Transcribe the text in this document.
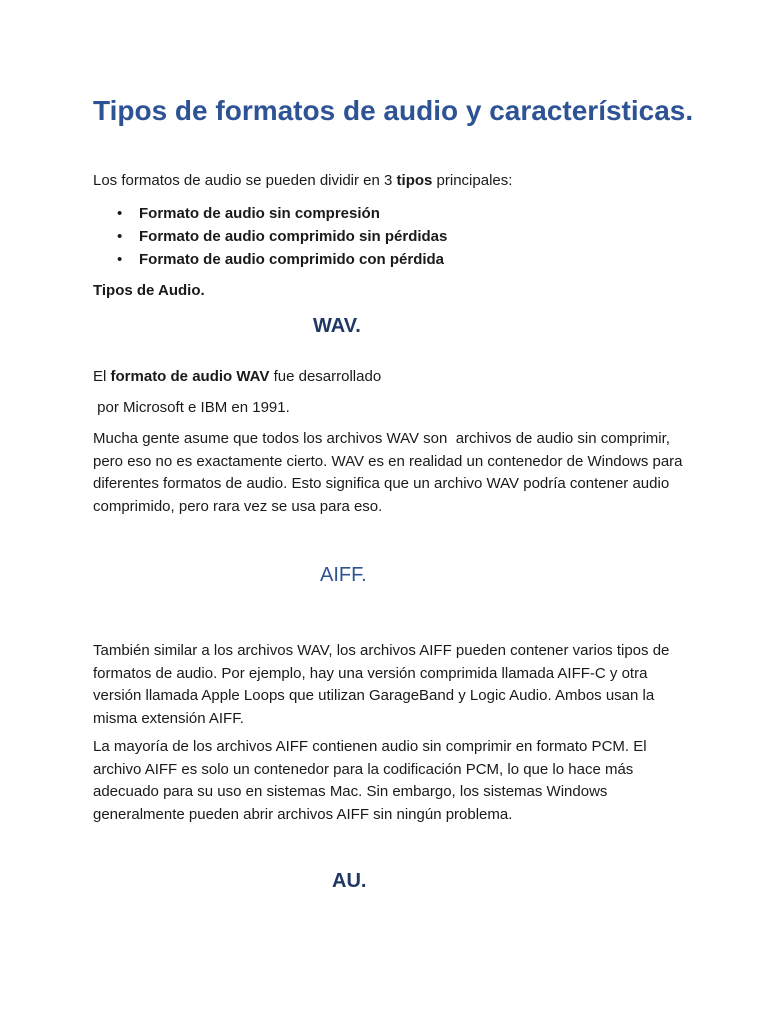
Tipos de formatos de audio y características.

Los formatos de audio se pueden dividir en 3 tipos principales:

• Formato de audio sin compresión
• Formato de audio comprimido sin pérdidas
• Formato de audio comprimido con pérdida

Tipos de Audio.

WAV.

El formato de audio WAV fue desarrollado

por Microsoft e IBM en 1991.

Mucha gente asume que todos los archivos WAV son  archivos de audio sin comprimir, pero eso no es exactamente cierto. WAV es en realidad un contenedor de Windows para diferentes formatos de audio. Esto significa que un archivo WAV podría contener audio comprimido, pero rara vez se usa para eso.

AIFF.

También similar a los archivos WAV, los archivos AIFF pueden contener varios tipos de formatos de audio. Por ejemplo, hay una versión comprimida llamada AIFF-C y otra versión llamada Apple Loops que utilizan GarageBand y Logic Audio. Ambos usan la misma extensión AIFF.

La mayoría de los archivos AIFF contienen audio sin comprimir en formato PCM. El archivo AIFF es solo un contenedor para la codificación PCM, lo que lo hace más adecuado para su uso en sistemas Mac. Sin embargo, los sistemas Windows generalmente pueden abrir archivos AIFF sin ningún problema.

AU.
